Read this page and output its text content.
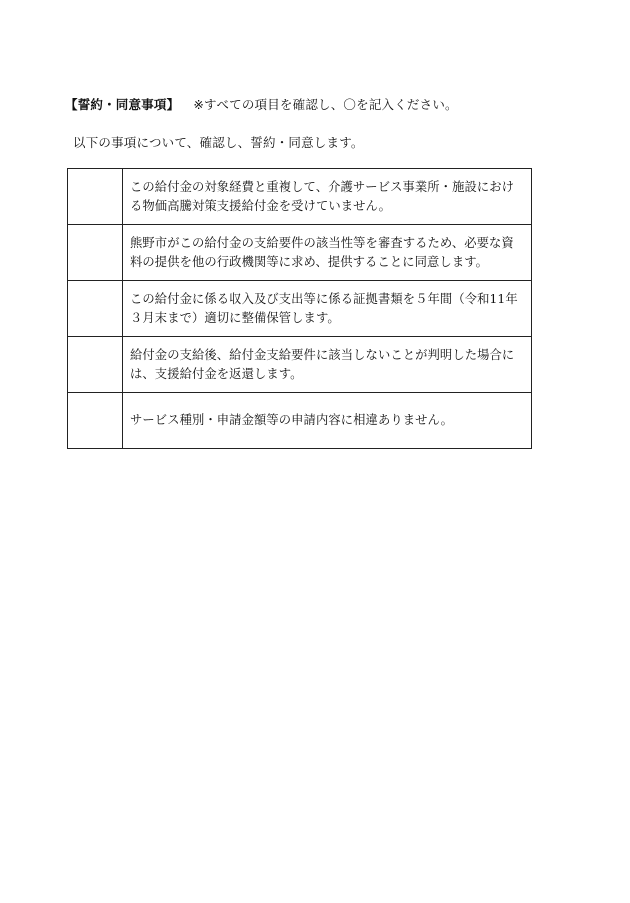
【誓約・同意事項】 ※すべての項目を確認し、〇を記入ください。
以下の事項について、確認し、誓約・同意します。
	この給付金の対象経費と重複して、介護サービス事業所・施設における物価高騰対策支援給付金を受けていません。
	熊野市がこの給付金の支給要件の該当性等を審査するため、必要な資料の提供を他の行政機関等に求め、提供することに同意します。
	この給付金に係る収入及び支出等に係る証拠書類を５年間（令和11年３月末まで）適切に整備保管します。
	給付金の支給後、給付金支給要件に該当しないことが判明した場合には、支援給付金を返還します。
	サービス種別・申請金額等の申請内容に相違ありません。
